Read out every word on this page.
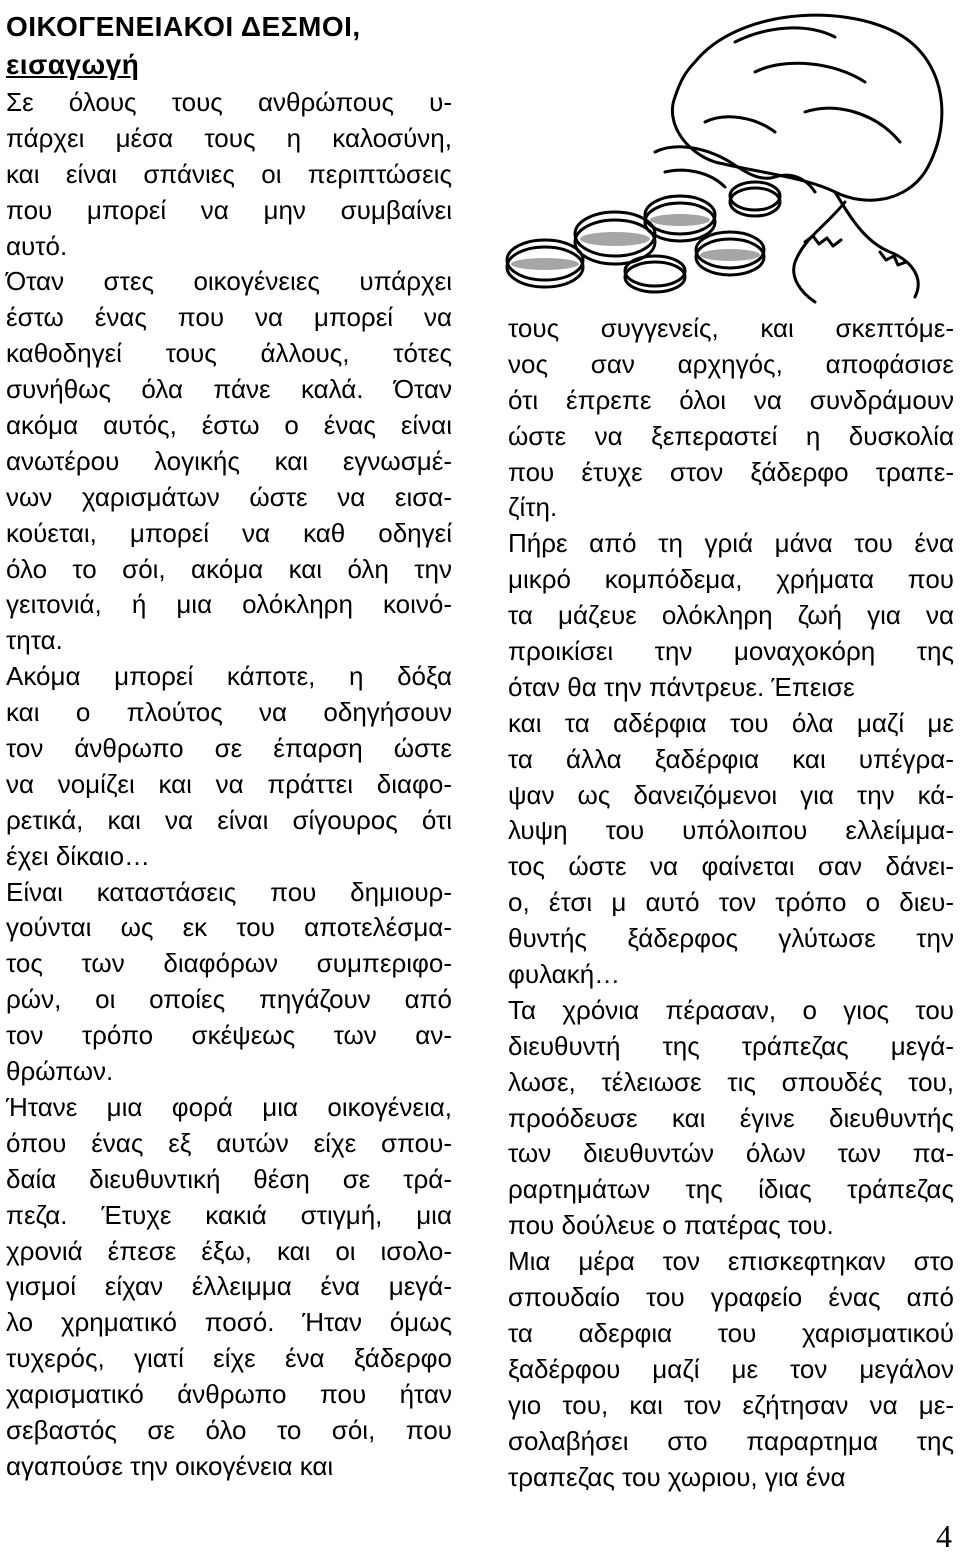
ΟΙΚΟΓΕΝΕΙΑΚΟΙ ΔΕΣΜΟΙ,
εισαγωγή
Σε όλους τους ανθρώπους υ-
πάρχει μέσα τους η καλοσύνη,
και είναι σπάνιες οι περιπτώσεις
που μπορεί να μην συμβαίνει
αυτό.
Όταν στες οικογένειες υπάρχει
έστω ένας που να μπορεί να
καθοδηγεί τους άλλους, τότες
συνήθως όλα πάνε καλά. Όταν
ακόμα αυτός, έστω ο ένας είναι
ανωτέρου λογικής και εγνωσμέ-
νων χαρισμάτων ώστε να εισα-
κούεται, μπορεί να καθ οδηγεί
όλο το σόι, ακόμα και όλη την
γειτονιά, ή μια ολόκληρη κοινό-
τητα.
Ακόμα μπορεί κάποτε, η δόξα
και ο πλούτος να οδηγήσουν
τον άνθρωπο σε έπαρση ώστε
να νομίζει και να πράττει διαφο-
ρετικά, και να είναι σίγουρος ότι
έχει δίκαιο…
Είναι καταστάσεις που δημιουρ-
γούνται ως εκ του αποτελέσμα-
τος των διαφόρων συμπεριφο-
ρών, οι οποίες πηγάζουν από
τον τρόπο σκέψεως των αν-
θρώπων.
Ήτανε μια φορά μια οικογένεια,
όπου ένας εξ αυτών είχε σπου-
δαία διευθυντική θέση σε τρά-
πεζα. Έτυχε κακιά στιγμή, μια
χρονιά έπεσε έξω, και οι ισολο-
γισμοί είχαν έλλειμμα ένα μεγά-
λο χρηματικό ποσό. Ήταν όμως
τυχερός, γιατί είχε ένα ξάδερφο
χαρισματικό άνθρωπο που ήταν
σεβαστός σε όλο το σόι, που
αγαπούσε την οικογένεια και
τους συγγενείς, και σκεπτόμε-
νος σαν αρχηγός, αποφάσισε
ότι έπρεπε όλοι να συνδράμουν
ώστε να ξεπεραστεί η δυσκολία
που έτυχε στον ξάδερφο τραπε-
ζίτη.
Πήρε από τη γριά μάνα του ένα
μικρό κομπόδεμα, χρήματα που
τα μάζευε ολόκληρη ζωή για να
προικίσει την μοναχοκόρη της
όταν θα την πάντρευε. Έπεισε
και τα αδέρφια του όλα μαζί με
τα άλλα ξαδέρφια και υπέγρα-
ψαν ως δανειζόμενοι για την κά-
λυψη του υπόλοιπου ελλείμμα-
τος ώστε να φαίνεται σαν δάνει-
ο, έτσι μ αυτό τον τρόπο ο διευ-
θυντής ξάδερφος γλύτωσε την
φυλακή…
Τα χρόνια πέρασαν, ο γιος του
διευθυντή της τράπεζας μεγά-
λωσε, τέλειωσε τις σπουδές του,
προόδευσε και έγινε διευθυντής
των διευθυντών όλων των πα-
ραρτημάτων της ίδιας τράπεζας
που δούλευε ο πατέρας του.
Μια μέρα τον επισκεφτηκαν στο
σπουδαίο του γραφείο ένας από
τα αδερφια του χαρισματικού
ξαδέρφου μαζί με τον μεγάλον
γιο του, και τον εζήτησαν να με-
σολαβήσει στο παραρτημα της
τραπεζας του χωριου, για ένα
4
